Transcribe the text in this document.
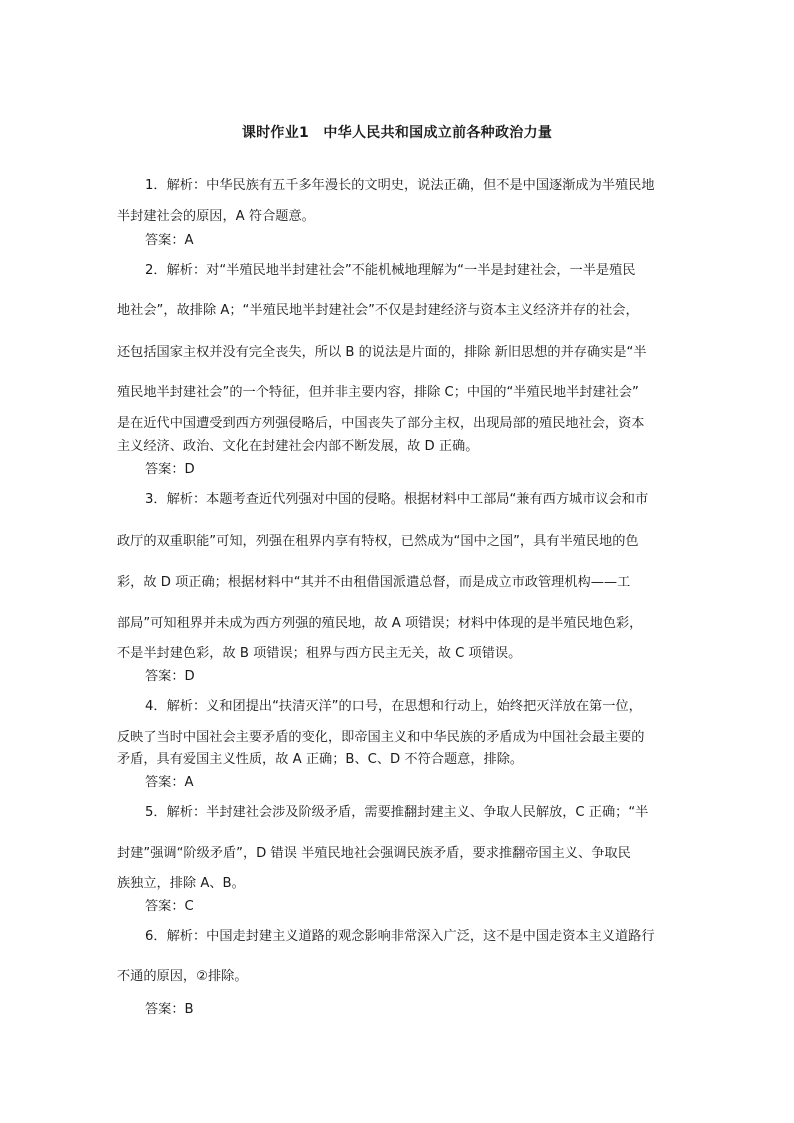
课时作业1　中华人民共和国成立前各种政治力量
1．解析：中华民族有五千多年漫长的文明史，说法正确，但不是中国逐渐成为半殖民地
半封建社会的原因，A 符合题意。
答案：A
2．解析：对“半殖民地半封建社会”不能机械地理解为“一半是封建社会，一半是殖民
地社会”，故排除 A；“半殖民地半封建社会”不仅是封建经济与资本主义经济并存的社会，
还包括国家主权并没有完全丧失，所以 B 的说法是片面的，排除 新旧思想的并存确实是“半
殖民地半封建社会”的一个特征，但并非主要内容，排除 C；中国的“半殖民地半封建社会”
是在近代中国遭受到西方列强侵略后，中国丧失了部分主权，出现局部的殖民地社会，资本
主义经济、政治、文化在封建社会内部不断发展，故 D 正确。
答案：D
3．解析：本题考查近代列强对中国的侵略。根据材料中工部局“兼有西方城市议会和市
政厅的双重职能”可知，列强在租界内享有特权，已然成为“国中之国”，具有半殖民地的色
彩，故 D 项正确；根据材料中“其并不由租借国派遣总督，而是成立市政管理机构——工
部局”可知租界并未成为西方列强的殖民地，故 A 项错误；材料中体现的是半殖民地色彩，
不是半封建色彩，故 B 项错误；租界与西方民主无关，故 C 项错误。
答案：D
4．解析：义和团提出“扶清灭洋”的口号，在思想和行动上，始终把灭洋放在第一位，
反映了当时中国社会主要矛盾的变化，即帝国主义和中华民族的矛盾成为中国社会最主要的
矛盾，具有爱国主义性质，故 A 正确；B、C、D 不符合题意，排除。
答案：A
5．解析：半封建社会涉及阶级矛盾，需要推翻封建主义、争取人民解放，C 正确；“半
封建”强调“阶级矛盾”，D 错误 半殖民地社会强调民族矛盾，要求推翻帝国主义、争取民
族独立，排除 A、B。
答案：C
6．解析：中国走封建主义道路的观念影响非常深入广泛，这不是中国走资本主义道路行
不通的原因，②排除。
答案：B
